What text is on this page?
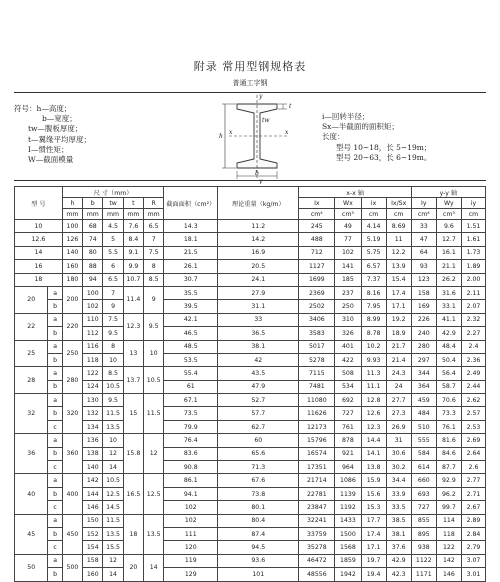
附录 常用型钢规格表
普通工字钢
符号：h—高度；
b—宽度；
tw—腹板厚度；
t—翼缘平均厚度；
I—惯性矩；
W—截面模量
i—回转半径；
Sx—半截面的面积矩；
长度：
型号 10~18，长 5~19m；
型号 20~63，长 6~19m。
y
y
x	x
h
b
t
tw
型 号		尺 寸（mm）					截面面积（cm²）	理论重量（kg/m）	x-x 轴				y-y 轴		
		h	b	tw	t	R			Ix	Wx	ix	Ix/Sx	Iy	Wy	iy
		mm	mm	mm	mm	mm			cm⁴	cm³	cm	cm	cm⁴	cm³	cm
10		100	68	4.5	7.6	6.5	14.3	11.2	245	49	4.14	8.69	33	9.6	1.51
12.6		126	74	5	8.4	7	18.1	14.2	488	77	5.19	11	47	12.7	1.61
14		140	80	5.5	9.1	7.5	21.5	16.9	712	102	5.75	12.2	64	16.1	1.73
16		160	88	6	9.9	8	26.1	20.5	1127	141	6.57	13.9	93	21.1	1.89
18		180	94	6.5	10.7	8.5	30.7	24.1	1699	185	7.37	15.4	123	26.2	2.00
20	a	200	100	7	11.4	9	35.5	27.9	2369	237	8.16	17.4	158	31.6	2.11
	b		102	9			39.5	31.1	2502	250	7.95	17.1	169	33.1	2.07
22	a	220	110	7.5	12.3	9.5	42.1	33	3406	310	8.99	19.2	226	41.1	2.32
	b		112	9.5			46.5	36.5	3583	326	8.78	18.9	240	42.9	2.27
25	a	250	116	8	13	10	48.5	38.1	5017	401	10.2	21.7	280	48.4	2.4
	b		118	10			53.5	42	5278	422	9.93	21.4	297	50.4	2.36
28	a	280	122	8.5	13.7	10.5	55.4	43.5	7115	508	11.3	24.3	344	56.4	2.49
	b		124	10.5			61	47.9	7481	534	11.1	24	364	58.7	2.44
32	a	320	130	9.5	15	11.5	67.1	52.7	11080	692	12.8	27.7	459	70.6	2.62
	b		132	11.5			73.5	57.7	11626	727	12.6	27.3	484	73.3	2.57
	c		134	13.5			79.9	62.7	12173	761	12.3	26.9	510	76.1	2.53
36	a	360	136	10	15.8	12	76.4	60	15796	878	14.4	31	555	81.6	2.69
	b		138	12			83.6	65.6	16574	921	14.1	30.6	584	84.6	2.64
	c		140	14			90.8	71.3	17351	964	13.8	30.2	614	87.7	2.6
40	a	400	142	10.5	16.5	12.5	86.1	67.6	21714	1086	15.9	34.4	660	92.9	2.77
	b		144	12.5			94.1	73.8	22781	1139	15.6	33.9	693	96.2	2.71
	c		146	14.5			102	80.1	23847	1192	15.3	33.5	727	99.7	2.67
45	a	450	150	11.5	18	13.5	102	80.4	32241	1433	17.7	38.5	855	114	2.89
	b		152	13.5			111	87.4	33759	1500	17.4	38.1	895	118	2.84
	c		154	15.5			120	94.5	35278	1568	17.1	37.6	938	122	2.79
50	a	500	158	12	20	14	119	93.6	46472	1859	19.7	42.9	1122	142	3.07
	b		160	14			129	101	48556	1942	19.4	42.3	1171	146	3.01
